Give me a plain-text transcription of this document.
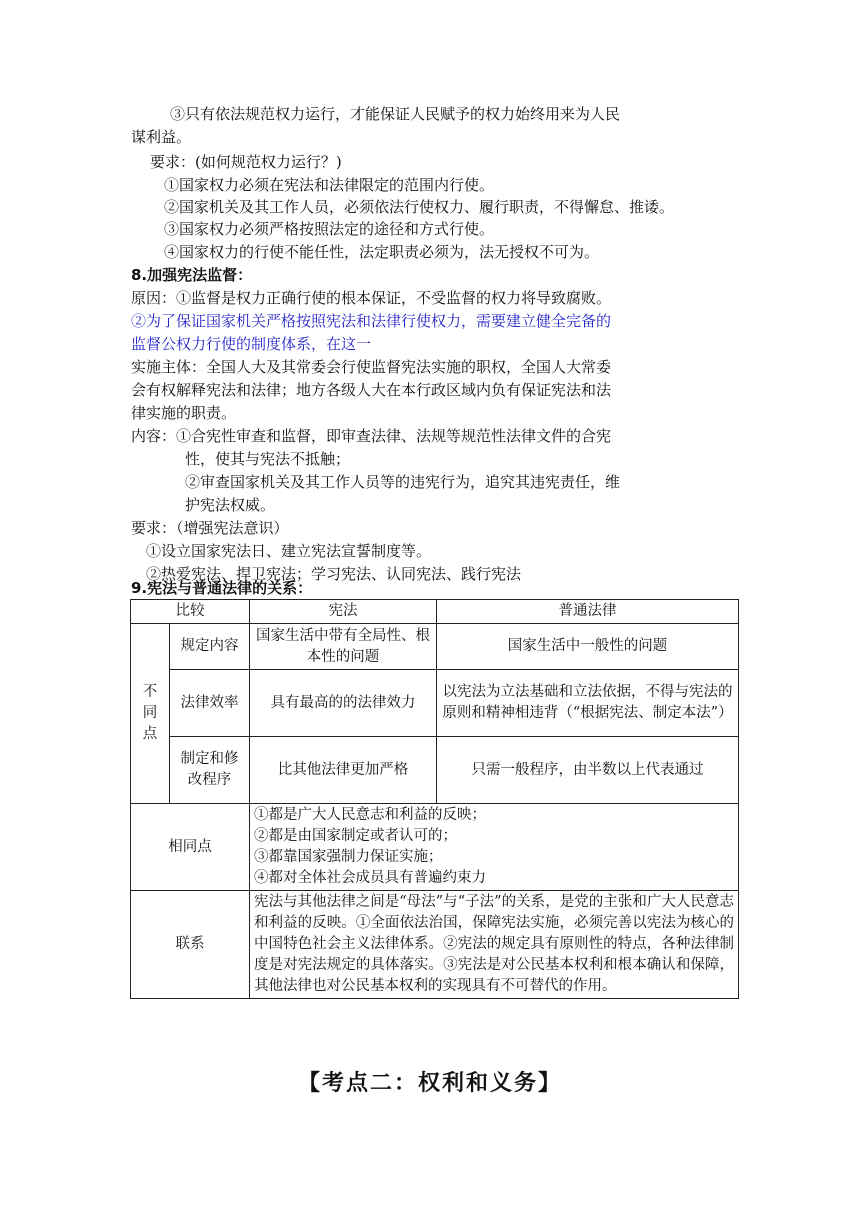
③只有依法规范权力运行，才能保证人民赋予的权力始终用来为人民
谋利益。
要求：(如何规范权力运行？)
①国家权力必须在宪法和法律限定的范围内行使。
②国家机关及其工作人员，必须依法行使权力、履行职责，不得懈怠、推诿。
③国家权力必须严格按照法定的途径和方式行使。
④国家权力的行使不能任性，法定职责必须为，法无授权不可为。
8.加强宪法监督：
原因：①监督是权力正确行使的根本保证，不受监督的权力将导致腐败。
②为了保证国家机关严格按照宪法和法律行使权力，需要建立健全完备的
监督公权力行使的制度体系，在这一
实施主体：全国人大及其常委会行使监督宪法实施的职权，全国人大常委
会有权解释宪法和法律；地方各级人大在本行政区域内负有保证宪法和法
律实施的职责。
内容：①合宪性审查和监督，即审查法律、法规等规范性法律文件的合宪
性，使其与宪法不抵触；
②审查国家机关及其工作人员等的违宪行为，追究其违宪责任，维
护宪法权威。
要求：（增强宪法意识）
①设立国家宪法日、建立宪法宣誓制度等。
②热爱宪法、捍卫宪法；学习宪法、认同宪法、践行宪法
9.宪法与普通法律的关系：
比较		宪法	普通法律
不同点	规定内容	国家生活中带有全局性、根本性的问题	国家生活中一般性的问题
	法律效率	具有最高的的法律效力	以宪法为立法基础和立法依据，不得与宪法的原则和精神相违背（“根据宪法、制定本法”）
	制定和修改程序	比其他法律更加严格	只需一般程序，由半数以上代表通过
相同点		①都是广大人民意志和利益的反映；
②都是由国家制定或者认可的；
③都靠国家强制力保证实施；
④都对全体社会成员具有普遍约束力	

联系		宪法与其他法律之间是“母法”与“子法”的关系，是党的主张和广大人民意志和利益的反映。①全面依法治国，保障宪法实施，必须完善以宪法为核心的中国特色社会主义法律体系。②宪法的规定具有原则性的特点，各种法律制度是对宪法规定的具体落实。③宪法是对公民基本权利和根本确认和保障，其他法律也对公民基本权利的实现具有不可替代的作用。	
【考点二：权利和义务】
